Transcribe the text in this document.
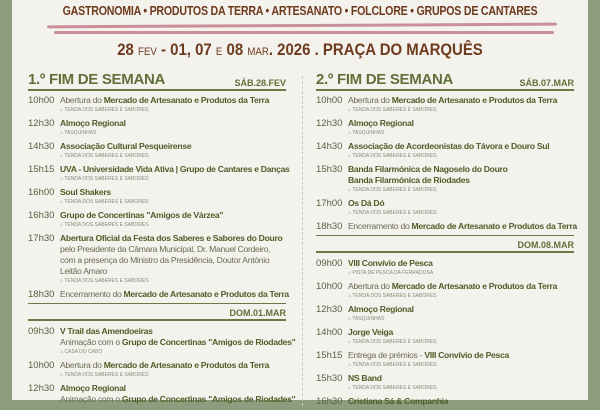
GASTRONOMIA • PRODUTOS DA TERRA • ARTESANATO • FOLCLORE • GRUPOS DE CANTARES
28 FEV - 01, 07 E 08 MAR. 2026 . PRAÇA DO MARQUÊS
1.º FIM DE SEMANA	SÁB.28.FEV
10h00 Abertura do Mercado de Artesanato e Produtos da Terra
⌂ TENDA DOS SABERES E SABORES
12h30 Almoço Regional
⌂ TASQUINHAS
14h30 Associação Cultural Pesqueirense
⌂ TENDA DOS SABERES E SABORES
15h15 UVA - Universidade Vida Ativa | Grupo de Cantares e Danças
⌂ TENDA DOS SABERES E SABORES
16h00 Soul Shakers
⌂ TENDA DOS SABERES E SABORES
16h30 Grupo de Concertinas "Amigos de Várzea"
⌂ TENDA DOS SABERES E SABORES
17h30 Abertura Oficial da Festa dos Saberes e Sabores do Douro
pelo Presidente da Câmara Municipal, Dr. Manuel Cordeiro,
com a presença do Ministro da Presidência, Doutor António
Leitão Amaro
⌂ TENDA DOS SABERES E SABORES
18h30 Encerramento do Mercado de Artesanato e Produtos da Terra
DOM.01.MAR
09h30 V Trail das Amendoeiras
Animação com o Grupo de Concertinas "Amigos de Riodades"
⌂ CASA DO CABO
10h00 Abertura do Mercado de Artesanato e Produtos da Terra
⌂ TENDA DOS SABERES E SABORES
12h30 Almoço Regional
Animação com o Grupo de Concertinas "Amigos de Riodades"
2.º FIM DE SEMANA	SÁB.07.MAR
10h00 Abertura do Mercado de Artesanato e Produtos da Terra
⌂ TENDA DOS SABERES E SABORES
12h30 Almoço Regional
⌂ TASQUINHAS
14h30 Associação de Acordeonistas do Távora e Douro Sul
⌂ TENDA DOS SABERES E SABORES
15h30 Banda Filarmónica de Nagoselo do Douro
Banda Filarmónica de Riodades
⌂ TENDA DOS SABERES E SABORES
17h00 Os Dá Dó
⌂ TENDA DOS SABERES E SABORES
18h30 Encerramento do Mercado de Artesanato e Produtos da Terra
DOM.08.MAR
09h00 VIII Convívio de Pesca
⌂ PISTA DE PESCA DA FERRADOSA
10h00 Abertura do Mercado de Artesanato e Produtos da Terra
⌂ TENDA DOS SABERES E SABORES
12h30 Almoço Regional
⌂ TASQUINHAS
14h00 Jorge Veiga
⌂ TENDA DOS SABERES E SABORES
15h15 Entrega de prémios - VIII Convívio de Pesca
⌂ TENDA DOS SABERES E SABORES
15h30 NS Band
⌂ TENDA DOS SABERES E SABORES
16h30 Cristiana Sá & Companhia
